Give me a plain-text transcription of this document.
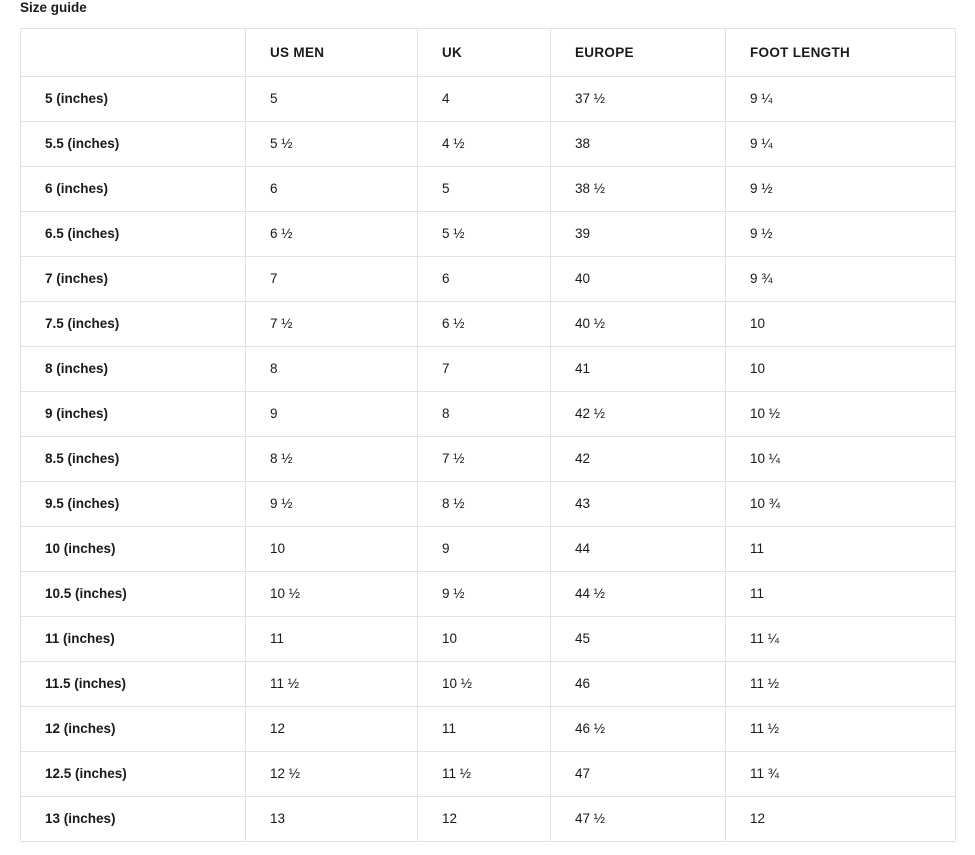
Size guide
	US MEN	UK	EUROPE	FOOT LENGTH
5 (inches)	5	4	37 ½	9 ¼
5.5 (inches)	5 ½	4 ½	38	9 ¼
6 (inches)	6	5	38 ½	9 ½
6.5 (inches)	6 ½	5 ½	39	9 ½
7 (inches)	7	6	40	9 ¾
7.5 (inches)	7 ½	6 ½	40 ½	10
8 (inches)	8	7	41	10
9 (inches)	9	8	42 ½	10 ½
8.5 (inches)	8 ½	7 ½	42	10 ¼
9.5 (inches)	9 ½	8 ½	43	10 ¾
10 (inches)	10	9	44	11
10.5 (inches)	10 ½	9 ½	44 ½	11
11 (inches)	11	10	45	11 ¼
11.5 (inches)	11 ½	10 ½	46	11 ½
12 (inches)	12	11	46 ½	11 ½
12.5 (inches)	12 ½	11 ½	47	11 ¾
13 (inches)	13	12	47 ½	12
